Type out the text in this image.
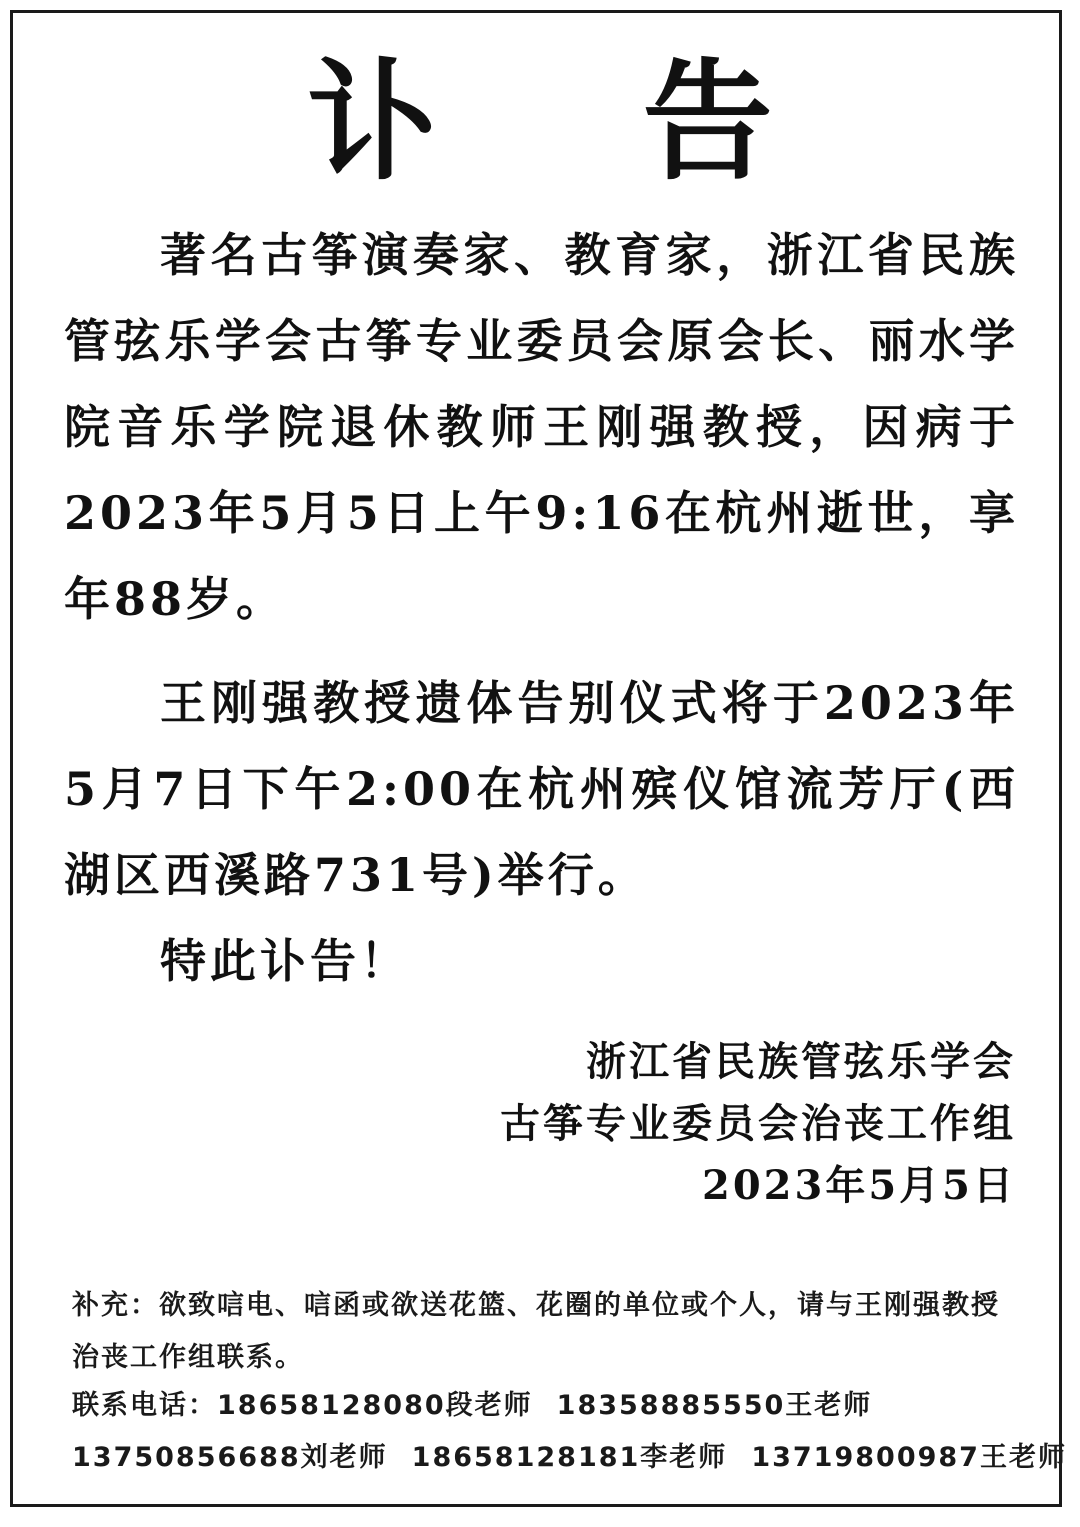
讣 告
著名古筝演奏家、教育家，浙江省民族管弦乐学会古筝专业委员会原会长、丽水学院音乐学院退休教师王刚强教授，因病于2023年5月5日上午9:16在杭州逝世，享年88岁。
王刚强教授遗体告别仪式将于2023年5月7日下午2:00在杭州殡仪馆流芳厅(西湖区西溪路731号)举行。
特此讣告！
浙江省民族管弦乐学会
古筝专业委员会治丧工作组
2023年5月5日
补充：欲致唁电、唁函或欲送花篮、花圈的单位或个人，请与王刚强教授治丧工作组联系。
联系电话：18658128080段老师 18358885550王老师
13750856688刘老师 18658128181李老师 13719800987王老师
